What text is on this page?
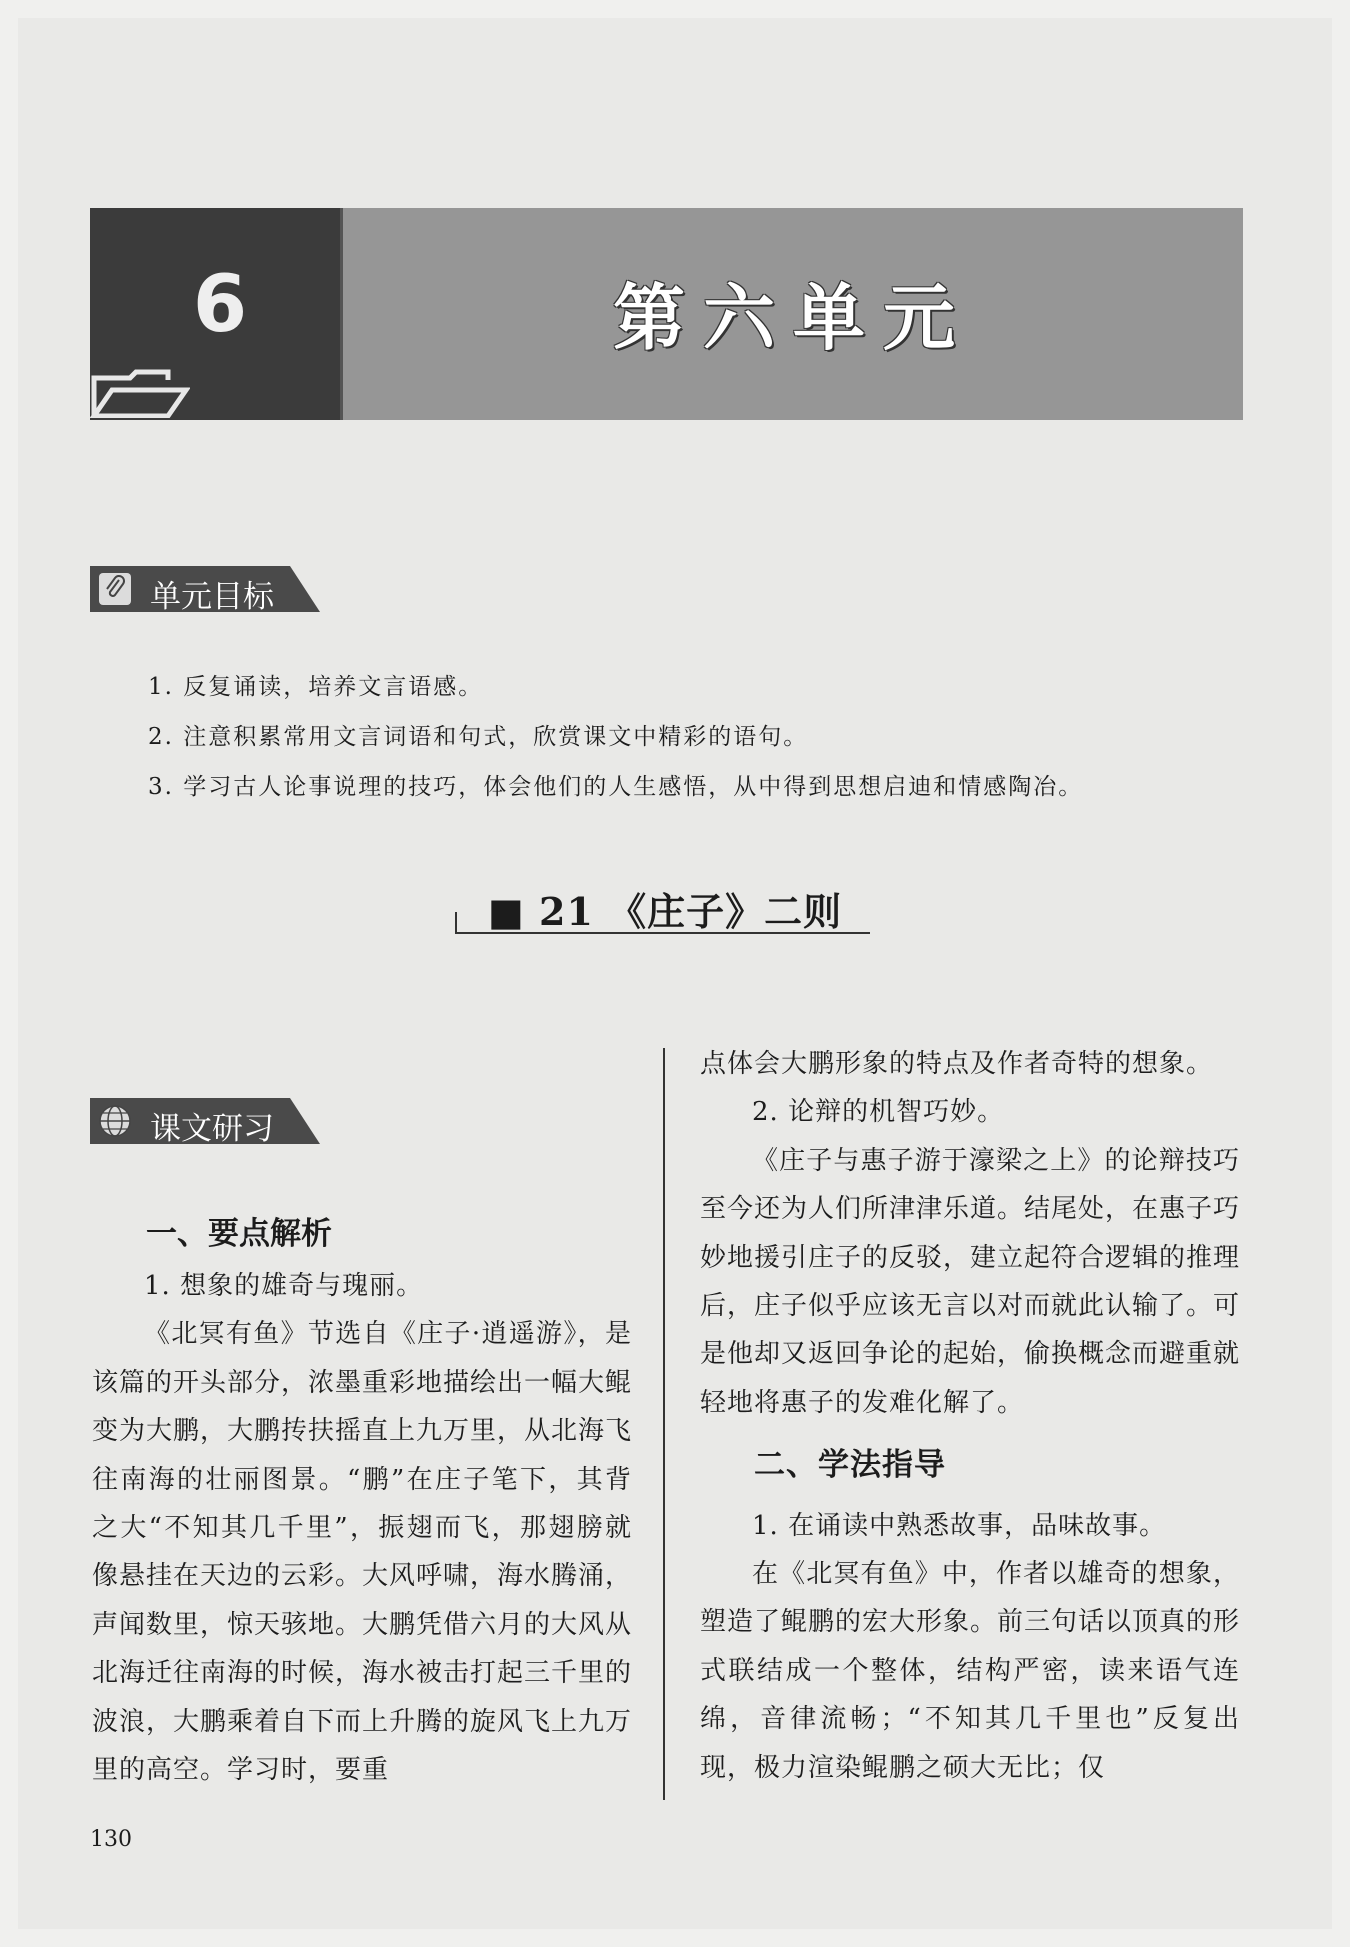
6	第六单元
单元目标
1. 反复诵读，培养文言语感。
2. 注意积累常用文言词语和句式，欣赏课文中精彩的语句。
3. 学习古人论事说理的技巧，体会他们的人生感悟，从中得到思想启迪和情感陶冶。
■ 21 《庄子》二则
课文研习
一、要点解析

1. 想象的雄奇与瑰丽。

《北冥有鱼》节选自《庄子·逍遥游》，是该篇的开头部分，浓墨重彩地描绘出一幅大鲲变为大鹏，大鹏抟扶摇直上九万里，从北海飞往南海的壮丽图景。“鹏”在庄子笔下，其背之大“不知其几千里”，振翅而飞，那翅膀就像悬挂在天边的云彩。大风呼啸，海水腾涌，声闻数里，惊天骇地。大鹏凭借六月的大风从北海迁往南海的时候，海水被击打起三千里的波浪，大鹏乘着自下而上升腾的旋风飞上九万里的高空。学习时，要重

点体会大鹏形象的特点及作者奇特的想象。

2. 论辩的机智巧妙。

《庄子与惠子游于濠梁之上》的论辩技巧至今还为人们所津津乐道。结尾处，在惠子巧妙地援引庄子的反驳，建立起符合逻辑的推理后，庄子似乎应该无言以对而就此认输了。可是他却又返回争论的起始，偷换概念而避重就轻地将惠子的发难化解了。

二、学法指导

1. 在诵读中熟悉故事，品味故事。

在《北冥有鱼》中，作者以雄奇的想象，塑造了鲲鹏的宏大形象。前三句话以顶真的形式联结成一个整体，结构严密，读来语气连绵，音律流畅；“不知其几千里也”反复出现，极力渲染鲲鹏之硕大无比；仅

130
